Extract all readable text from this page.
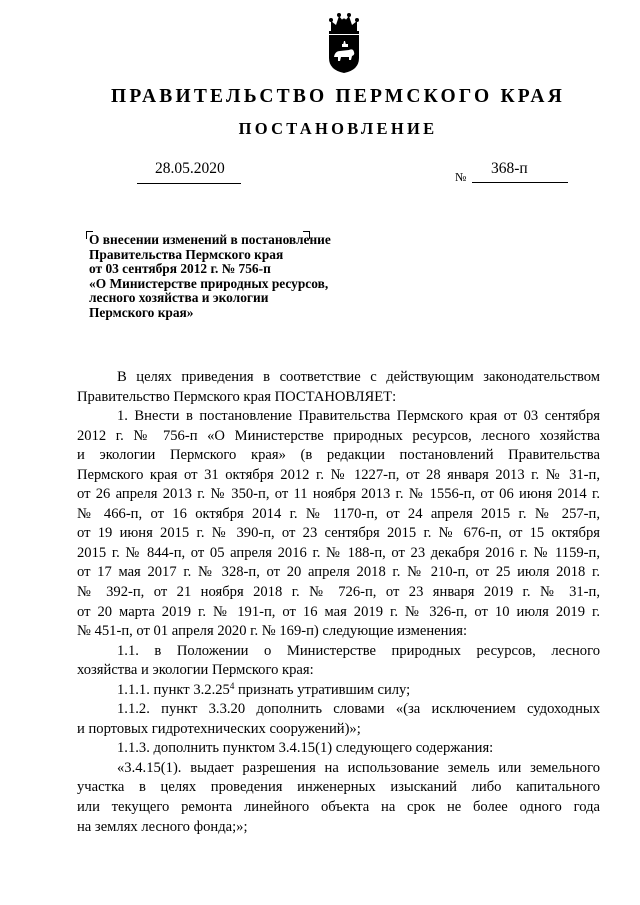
ПРАВИТЕЛЬСТВО ПЕРМСКОГО КРАЯ
ПОСТАНОВЛЕНИЕ
28.05.2020	№ 368-п
О внесении изменений в постановление
Правительства Пермского края
от 03 сентября 2012 г. № 756-п
«О Министерстве природных ресурсов,
лесного хозяйства и экологии
Пермского края»
В целях приведения в соответствие с действующим законодательством
Правительство Пермского края ПОСТАНОВЛЯЕТ:
1. Внести в постановление Правительства Пермского края от 03 сентября
2012 г. № 756-п «О Министерстве природных ресурсов, лесного хозяйства
и экологии Пермского края» (в редакции постановлений Правительства
Пермского края от 31 октября 2012 г. № 1227-п, от 28 января 2013 г. № 31-п,
от 26 апреля 2013 г. № 350-п, от 11 ноября 2013 г. № 1556-п, от 06 июня 2014 г.
№ 466-п, от 16 октября 2014 г. № 1170-п, от 24 апреля 2015 г. № 257-п,
от 19 июня 2015 г. № 390-п, от 23 сентября 2015 г. № 676-п, от 15 октября
2015 г. № 844-п, от 05 апреля 2016 г. № 188-п, от 23 декабря 2016 г. № 1159-п,
от 17 мая 2017 г. № 328-п, от 20 апреля 2018 г. № 210-п, от 25 июля 2018 г.
№ 392-п, от 21 ноября 2018 г. № 726-п, от 23 января 2019 г. № 31-п,
от 20 марта 2019 г. № 191-п, от 16 мая 2019 г. № 326-п, от 10 июля 2019 г.
№ 451-п, от 01 апреля 2020 г. № 169-п) следующие изменения:
1.1. в Положении о Министерстве природных ресурсов, лесного
хозяйства и экологии Пермского края:
1.1.1. пункт 3.2.25$^4$ признать утратившим силу;
1.1.2. пункт 3.3.20 дополнить словами «(за исключением судоходных
и портовых гидротехнических сооружений)»;
1.1.3. дополнить пунктом 3.4.15(1) следующего содержания:
«3.4.15(1). выдает разрешения на использование земель или земельного
участка в целях проведения инженерных изысканий либо капитального
или текущего ремонта линейного объекта на срок не более одного года
на землях лесного фонда;»;
